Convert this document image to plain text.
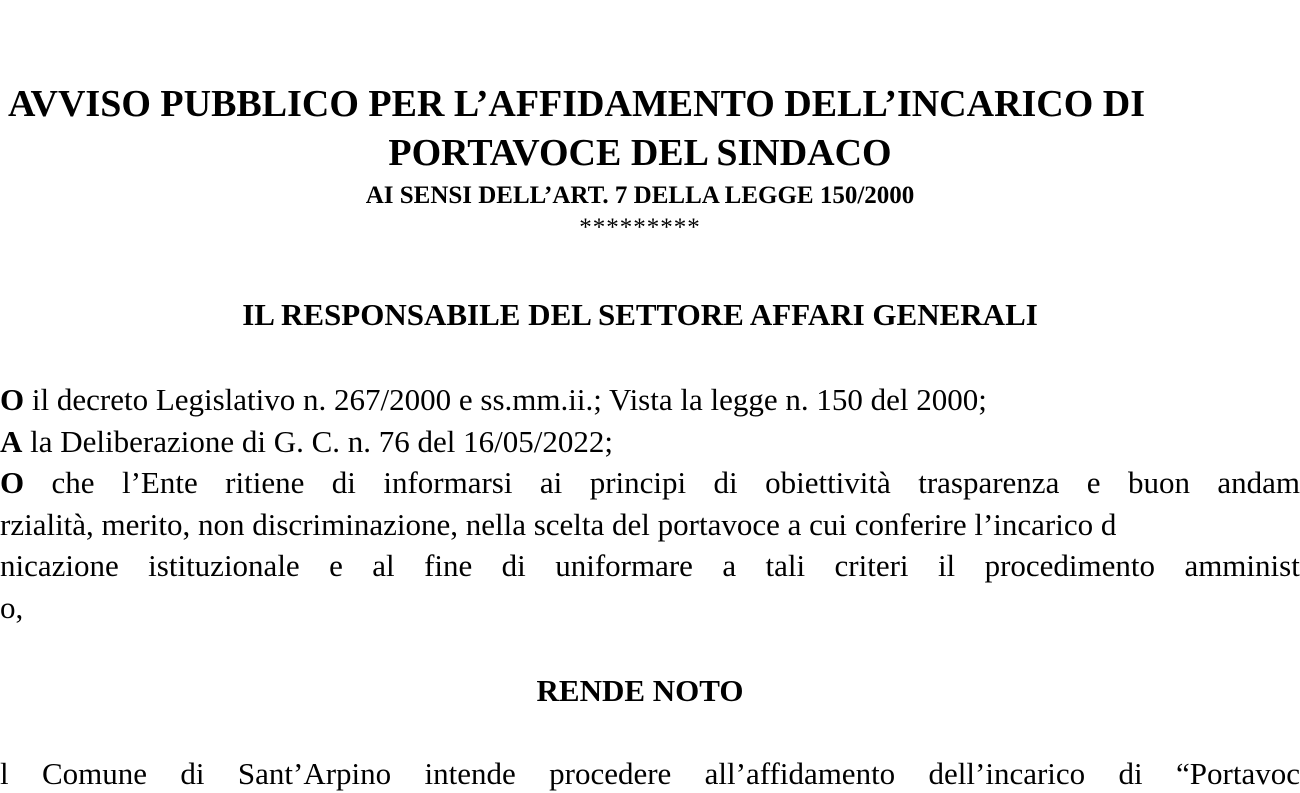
AVVISO PUBBLICO PER L’AFFIDAMENTO DELL’INCARICO DI
PORTAVOCE DEL SINDACO
AI SENSI DELL’ART. 7 DELLA LEGGE 150/2000
*********
IL RESPONSABILE DEL SETTORE AFFARI GENERALI
O il decreto Legislativo n. 267/2000 e ss.mm.ii.; Vista la legge n. 150 del 2000;
A la Deliberazione di G. C. n. 76 del 16/05/2022;
O che l’Ente ritiene di informarsi ai principi di obiettività trasparenza e buon andam
rzialità, merito, non discriminazione, nella scelta del portavoce a cui conferire l’incarico d
nicazione istituzionale e al fine di uniformare a tali criteri il procedimento amminist
o,
RENDE NOTO
l Comune di Sant’Arpino intende procedere all’affidamento dell’incarico di “Portavoc
